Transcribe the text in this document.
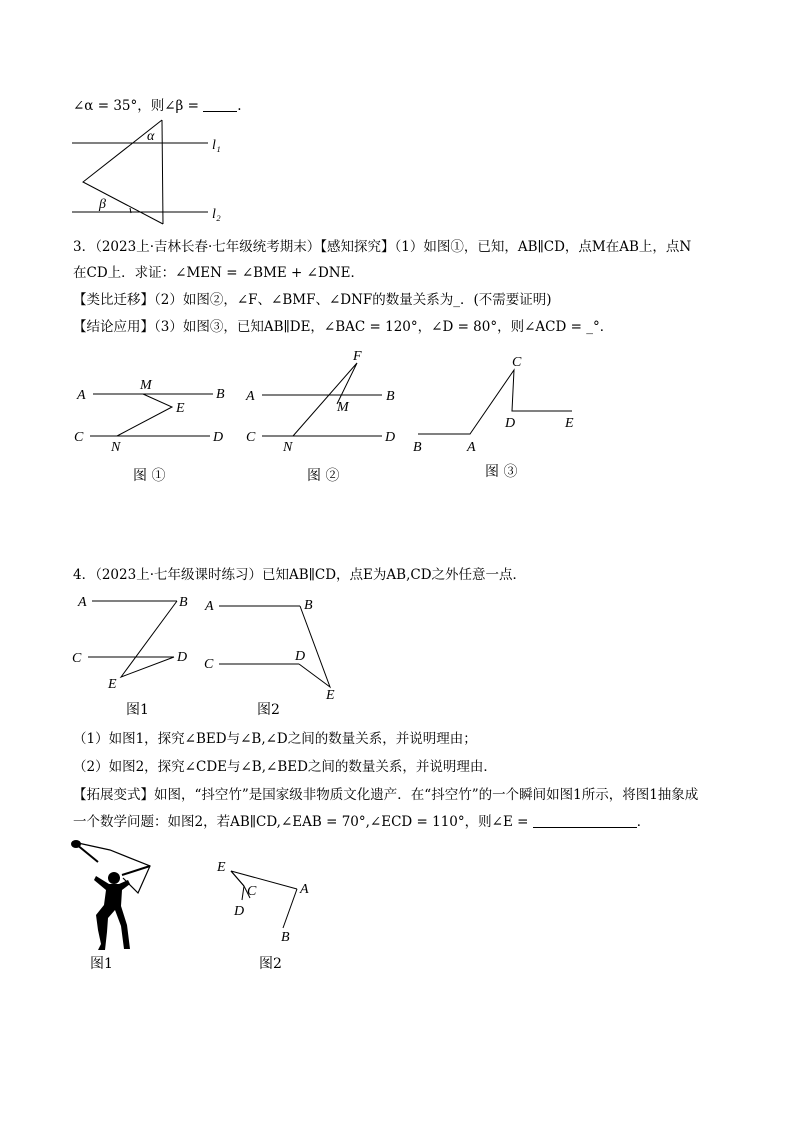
∠α = 35°，则∠β =	.
α
β
l₁
l₂
3．（2023上·吉林长春·七年级统考期末）【感知探究】（1）如图①，已知，AB∥CD，点M在AB上，点N
在CD上．求证：∠MEN = ∠BME + ∠DNE．
【类比迁移】（2）如图②，∠F、∠BMF、∠DNF的数量关系为_．(不需要证明)
【结论应用】（3）如图③，已知AB∥DE，∠BAC = 120°，∠D = 80°，则∠ACD = _°．
A	B
M
E
C	D
N
A	B
F
M
C	D
N	B	A
C
D	E
图 ①	图 ②	图 ③
4．（2023上·七年级课时练习）已知AB∥CD，点E为AB,CD之外任意一点．
A	B
C	D
E
A	B
C
D
E
图1	图2
（1）如图1，探究∠BED与∠B,∠D之间的数量关系，并说明理由；
（2）如图2，探究∠CDE与∠B,∠BED之间的数量关系，并说明理由．
【拓展变式】如图，“抖空竹”是国家级非物质文化遗产．在“抖空竹”的一个瞬间如图1所示，将图1抽象成
一个数学问题：如图2，若AB∥CD,∠EAB = 70°,∠ECD = 110°，则∠E =	．
E
C
D
A
B
图1	图2
